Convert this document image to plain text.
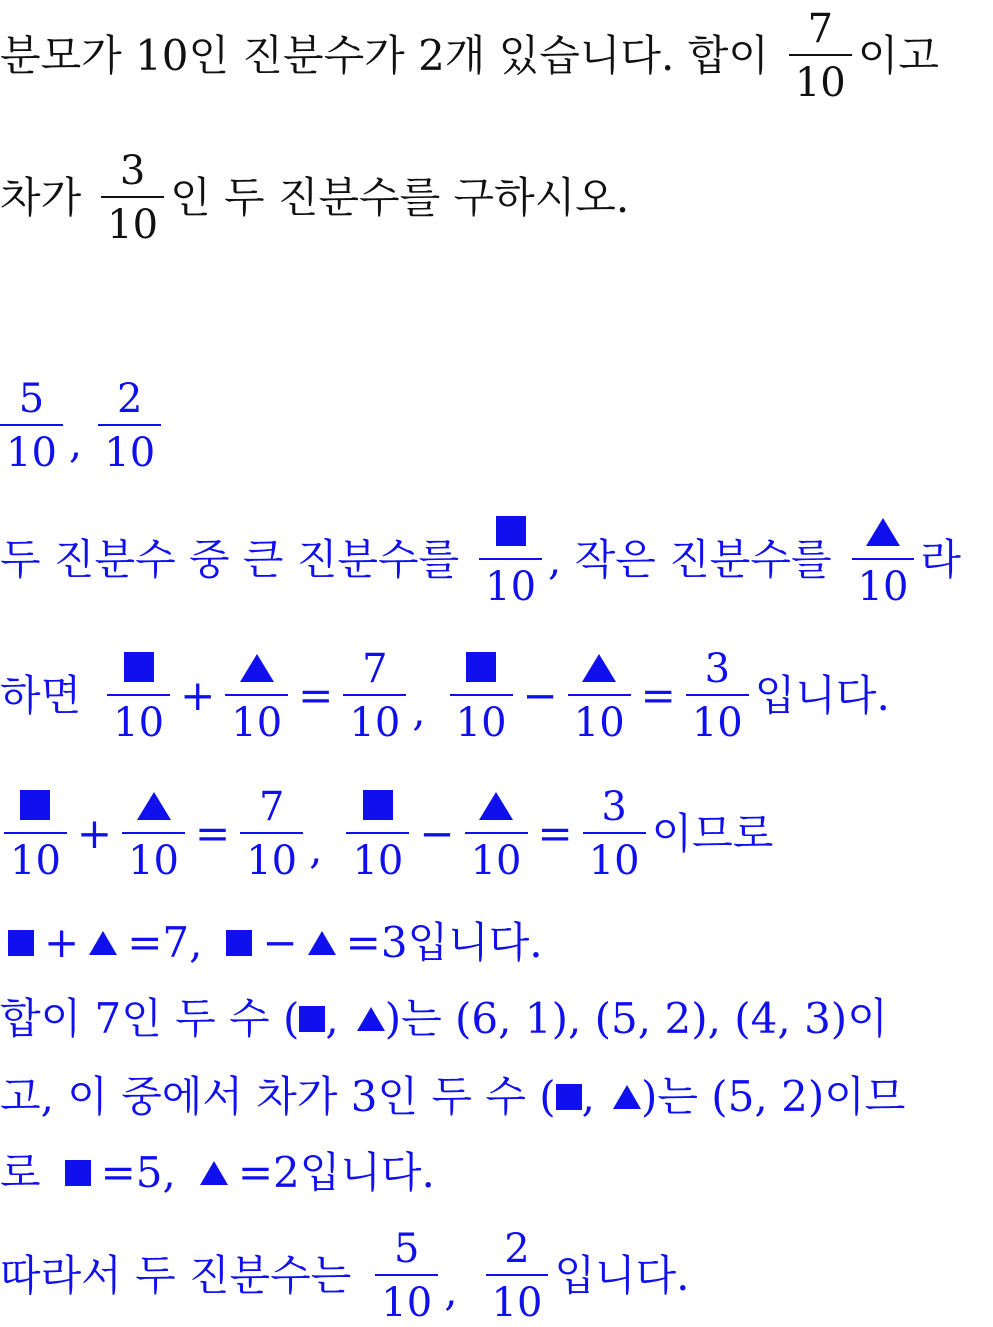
분모가 10인 진분수가 2개 있습니다. 합이 $\frac{7}{10}$ 이고
차가 $\frac{3}{10}$ 인 두 진분수를 구하시오.
$\frac{5}{10}$ , $\frac{2}{10}$
두 진분수 중 큰 진분수를
10
, 작은 진분수를
10
라
하면
10
+
10
= $\frac{7}{10}$ , 10
−
10
= $\frac{3}{10}$ 입니다.
10
+
10
= $\frac{7}{10}$ , 10
−
10
= $\frac{3}{10}$ 이므로
+ =7, − =3입니다.
합이 7인 두 수 ( , )는 (6, 1), (5, 2), (4, 3)이
고, 이 중에서 차가 3인 두 수 ( , )는 (5, 2)이므
로 =5, =2입니다.
따라서 두 진분수는 $\frac{5}{10}$ , $\frac{2}{10}$ 입니다.
